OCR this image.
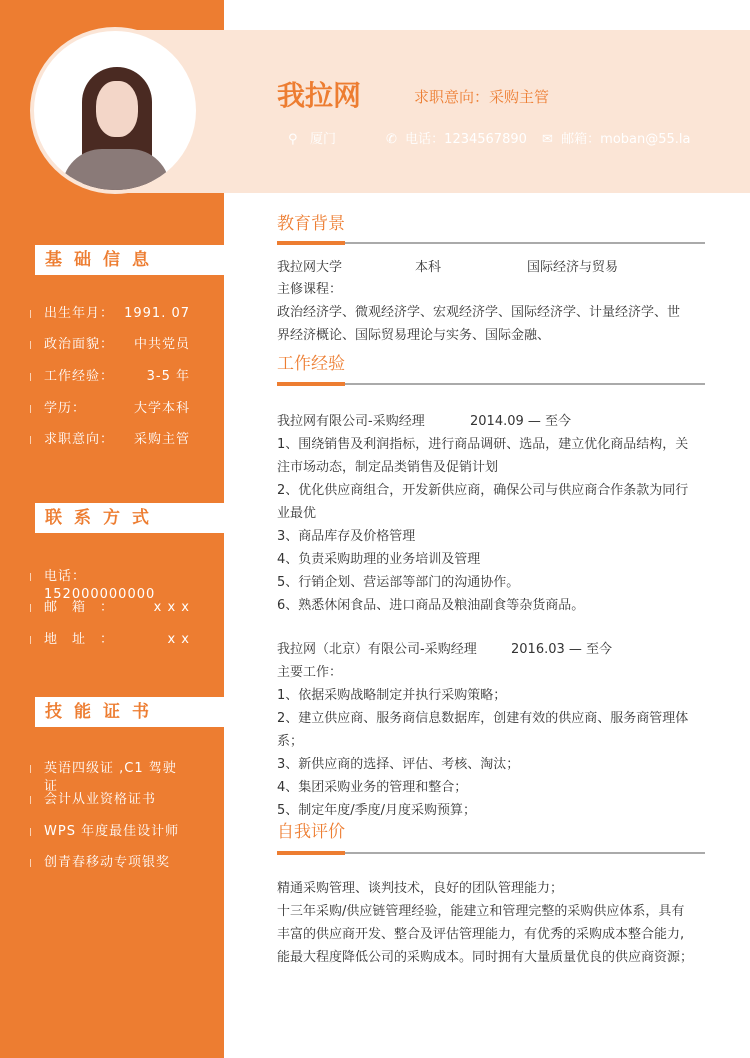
我拉网	求职意向：采购主管
⚲ 厦门	✆ 电话：1234567890 ✉ 邮箱：moban@55.la
基础信息
出生年月： 1991. 07
政治面貌： 中共党员
工作经验：	3-5 年
学历：	大学本科
求职意向： 采购主管
联系方式
电话：152000000000
邮　箱　：	x x x
地　址　：	x x
技能证书
英语四级证 ,C1 驾驶证
会计从业资格证书
WPS 年度最佳设计师
创青春移动专项银奖
教育背景
我拉网大学	本科	国际经济与贸易
主修课程：
政治经济学、微观经济学、宏观经济学、国际经济学、计量经济学、世
界经济概论、国际贸易理论与实务、国际金融、
工作经验
我拉网有限公司-采购经理	2014.09 — 至今
1、围绕销售及利润指标，进行商品调研、选品，建立优化商品结构，关
注市场动态，制定品类销售及促销计划
2、优化供应商组合，开发新供应商，确保公司与供应商合作条款为同行
业最优
3、商品库存及价格管理
4、负责采购助理的业务培训及管理
5、行销企划、营运部等部门的沟通协作。
6、熟悉休闲食品、进口商品及粮油副食等杂货商品。
我拉网（北京）有限公司-采购经理	2016.03 — 至今
主要工作：
1、依据采购战略制定并执行采购策略；
2、建立供应商、服务商信息数据库，创建有效的供应商、服务商管理体
系；
3、新供应商的选择、评估、考核、淘汰；
4、集团采购业务的管理和整合；
5、制定年度/季度/月度采购预算；
自我评价
精通采购管理、谈判技术，良好的团队管理能力；
十三年采购/供应链管理经验，能建立和管理完整的采购供应体系，具有
丰富的供应商开发、整合及评估管理能力，有优秀的采购成本整合能力,
能最大程度降低公司的采购成本。同时拥有大量质量优良的供应商资源；
